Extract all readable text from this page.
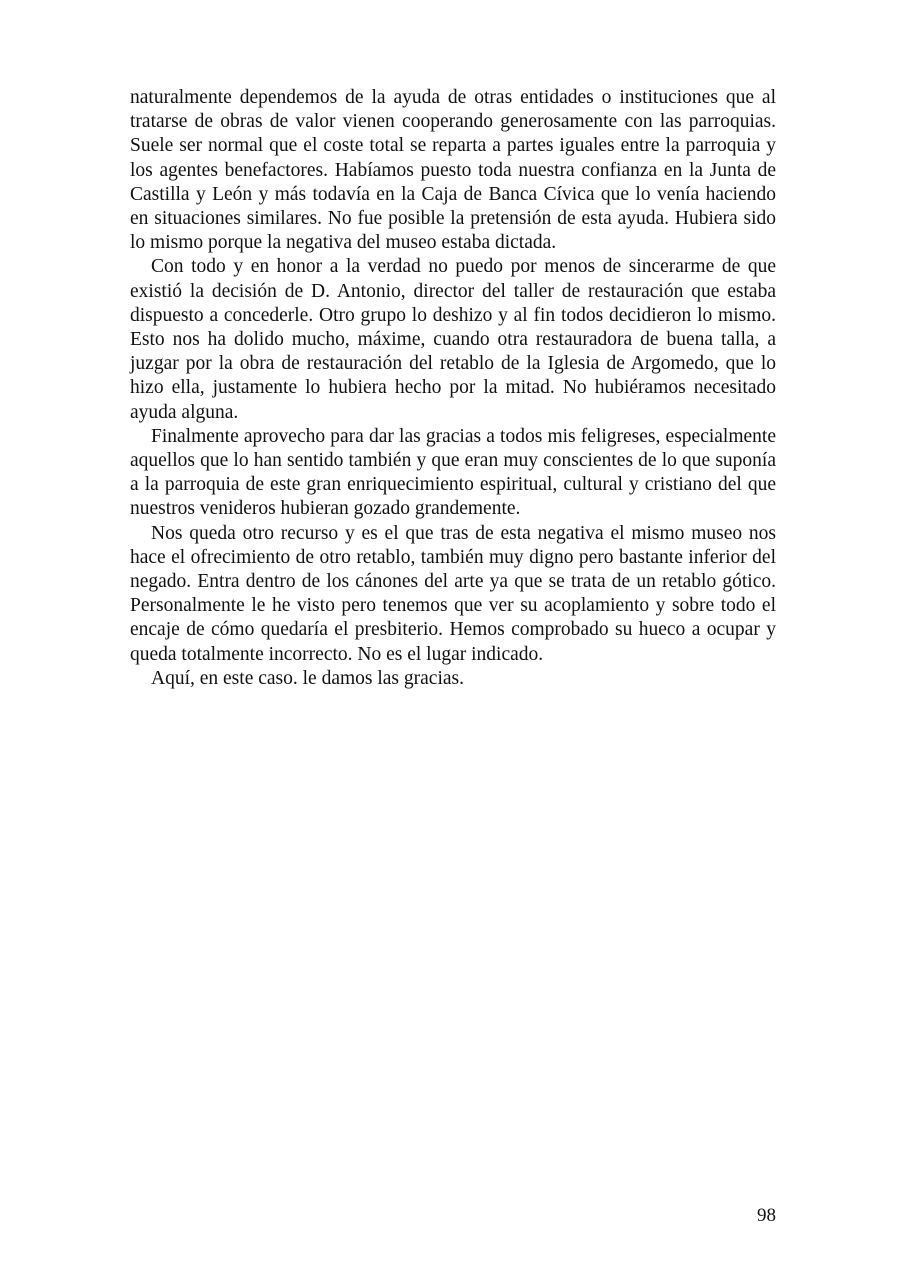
naturalmente dependemos de la ayuda de otras entidades o instituciones que al tratarse de obras de valor vienen cooperando generosamente con las parroquias. Suele ser normal que el coste total se reparta a partes iguales entre la parroquia y los agentes benefactores. Habíamos puesto toda nuestra confianza en la Junta de Castilla y León y más todavía en la Caja de Banca Cívica que lo venía haciendo en situaciones similares. No fue posible la pretensión de esta ayuda. Hubiera sido lo mismo porque la negativa del museo estaba dictada.

Con todo y en honor a la verdad no puedo por menos de sincerarme de que existió la decisión de D. Antonio, director del taller de restauración que estaba dispuesto a concederle. Otro grupo lo deshizo y al fin todos decidieron lo mismo. Esto nos ha dolido mucho, máxime, cuando otra restauradora de buena talla, a juzgar por la obra de restauración del retablo de la Iglesia de Argomedo, que lo hizo ella, justamente lo hubiera hecho por la mitad. No hubiéramos necesitado ayuda alguna.

Finalmente aprovecho para dar las gracias a todos mis feligreses, especialmente aquellos que lo han sentido también y que eran muy conscientes de lo que suponía a la parroquia de este gran enriquecimiento espiritual, cultural y cristiano del que nuestros venideros hubieran gozado grandemente.

Nos queda otro recurso y es el que tras de esta negativa el mismo museo nos hace el ofrecimiento de otro retablo, también muy digno pero bastante inferior del negado. Entra dentro de los cánones del arte ya que se trata de un retablo gótico. Personalmente le he visto pero tenemos que ver su acoplamiento y sobre todo el encaje de cómo quedaría el presbiterio. Hemos comprobado su hueco a ocupar y queda totalmente incorrecto. No es el lugar indicado.

Aquí, en este caso. le damos las gracias.

98
